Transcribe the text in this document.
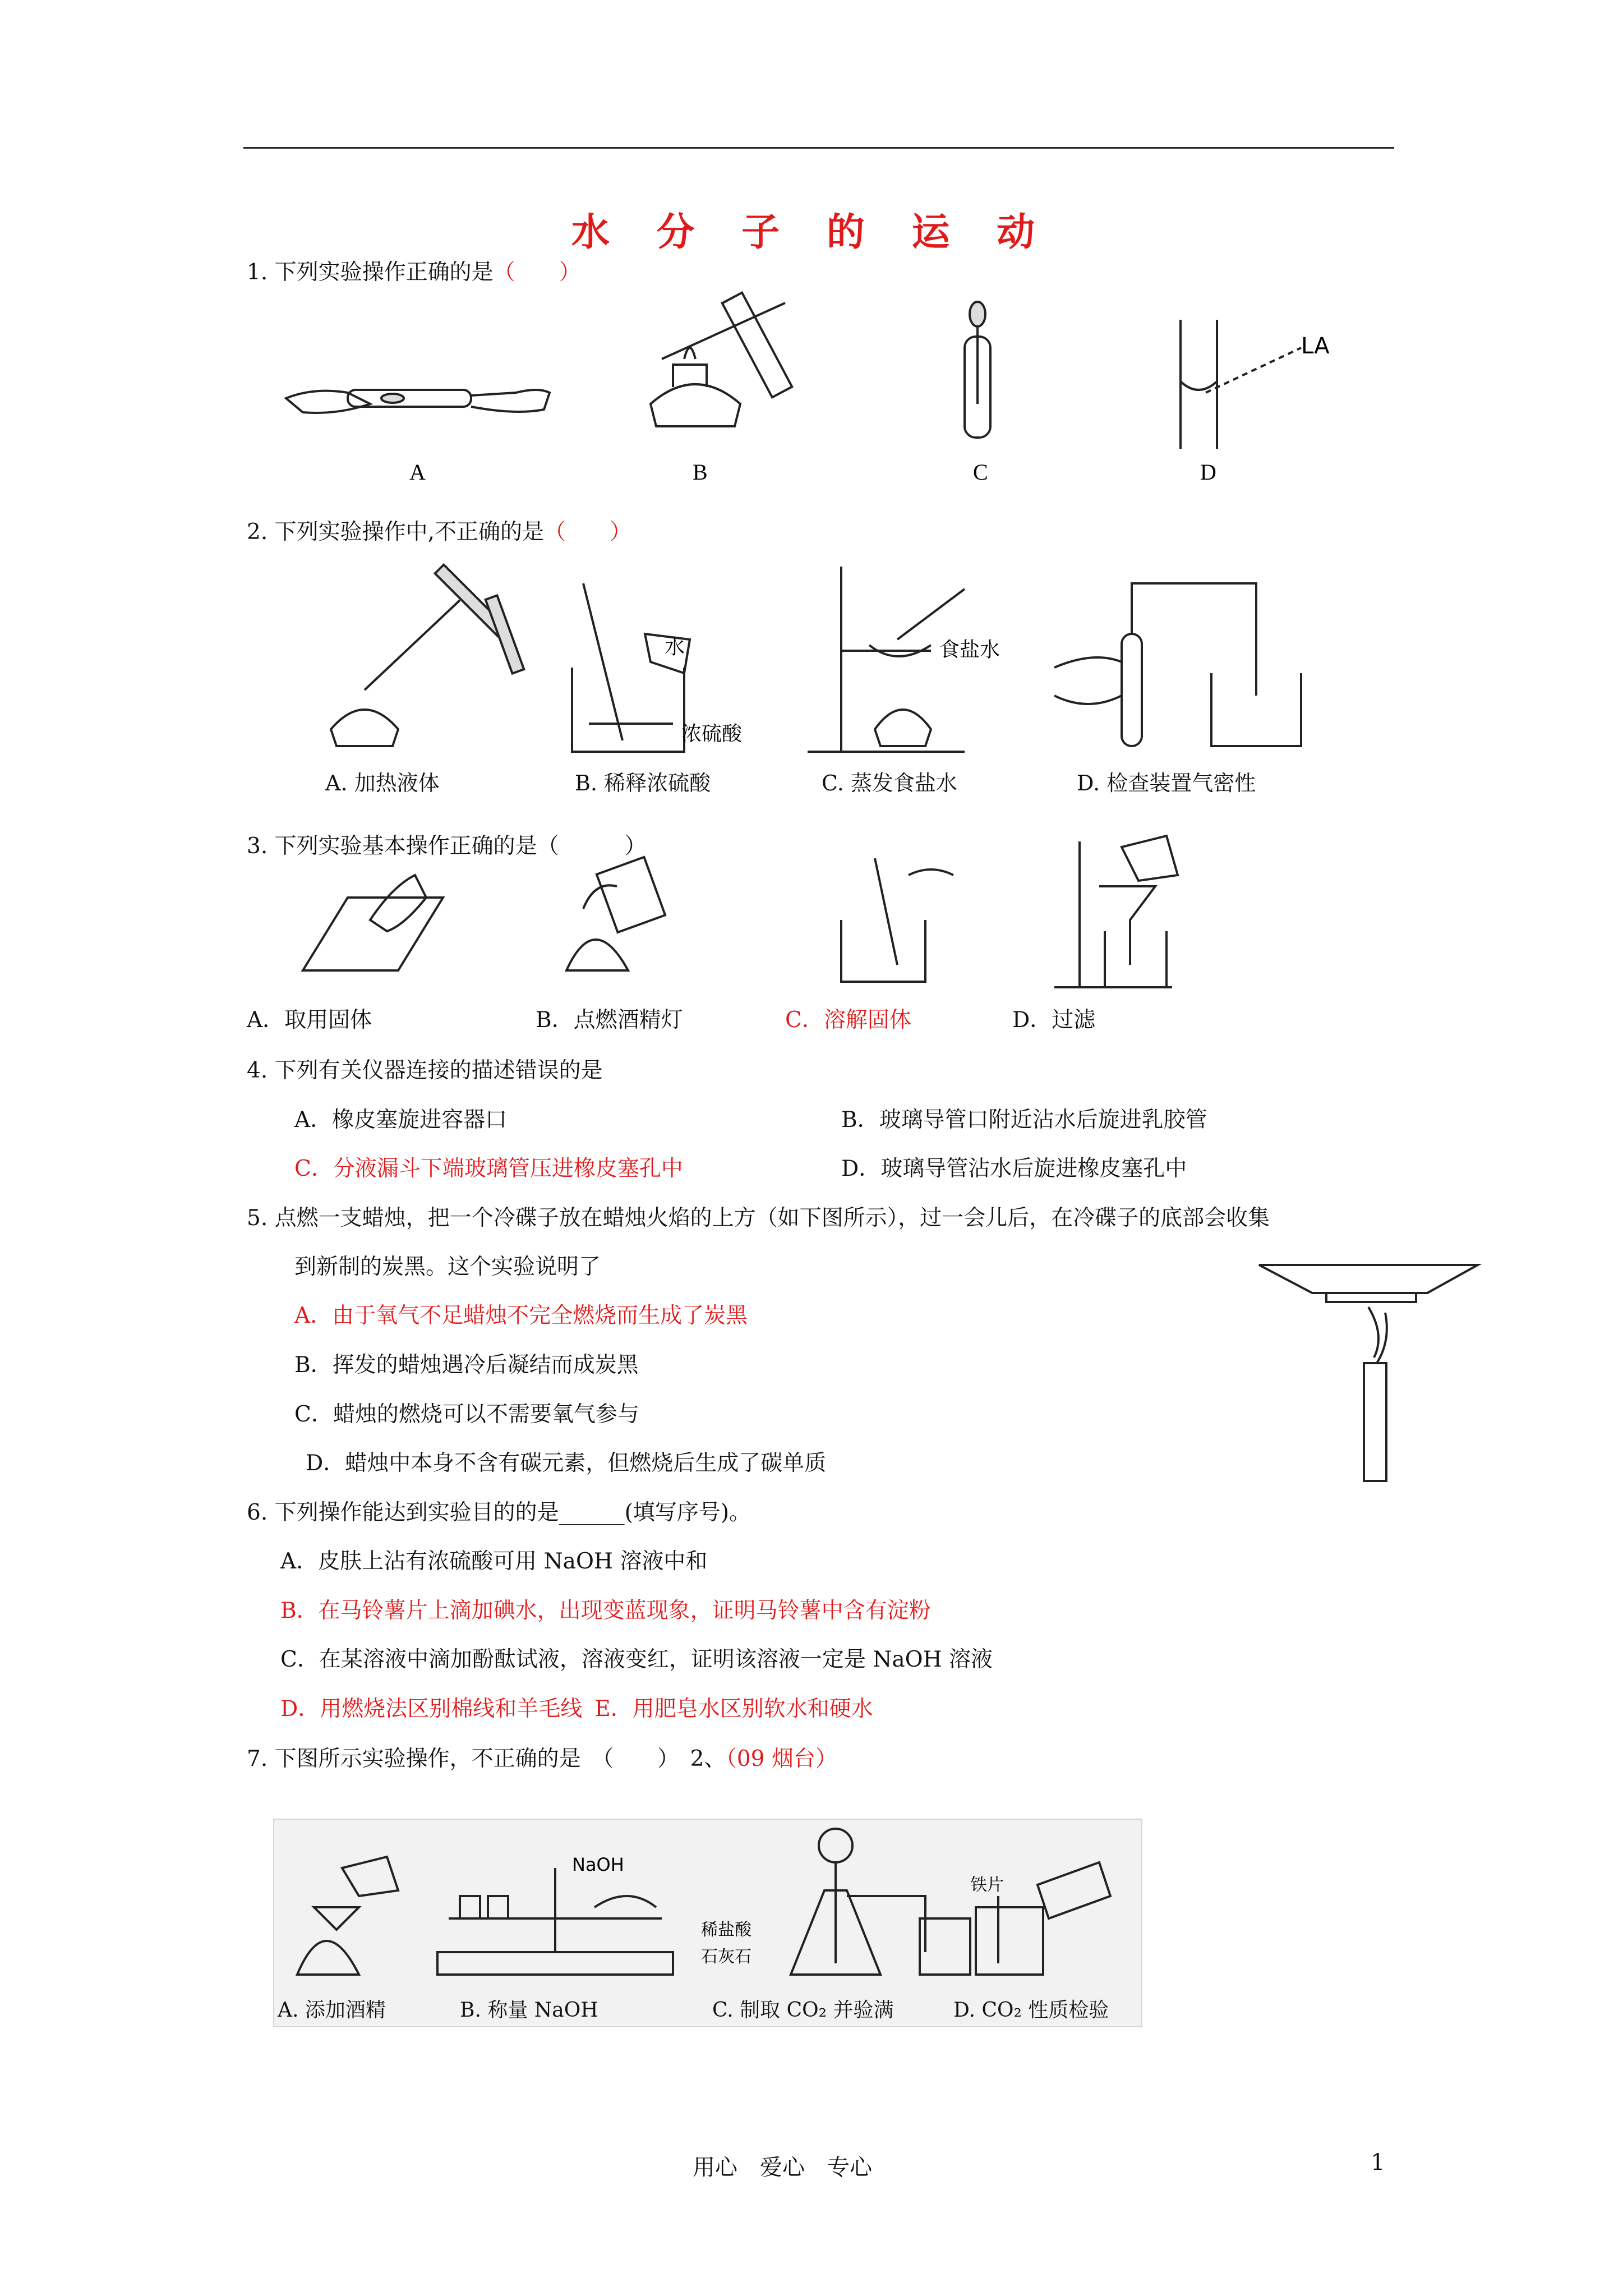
水 分 子 的 运 动
1. 下列实验操作正确的是（　　）
LA
A	B	C	D
2. 下列实验操作中,不正确的是（　　）
水
浓硫酸
食盐水
A. 加热液体	B. 稀释浓硫酸	C. 蒸发食盐水	D. 检查装置气密性
3. 下列实验基本操作正确的是（　　　）
A．取用固体	B．点燃酒精灯	C．溶解固体	D．过滤
4. 下列有关仪器连接的描述错误的是
A．橡皮塞旋进容器口	B．玻璃导管口附近沾水后旋进乳胶管
C．分液漏斗下端玻璃管压进橡皮塞孔中	D．玻璃导管沾水后旋进橡皮塞孔中
5. 点燃一支蜡烛，把一个冷碟子放在蜡烛火焰的上方（如下图所示），过一会儿后，在冷碟子的底部会收集
到新制的炭黑。这个实验说明了
A．由于氧气不足蜡烛不完全燃烧而生成了炭黑
B．挥发的蜡烛遇冷后凝结而成炭黑
C．蜡烛的燃烧可以不需要氧气参与
D．蜡烛中本身不含有碳元素，但燃烧后生成了碳单质
6. 下列操作能达到实验目的的是______(填写序号)。
A．皮肤上沾有浓硫酸可用 NaOH 溶液中和
B．在马铃薯片上滴加碘水，出现变蓝现象，证明马铃薯中含有淀粉
C．在某溶液中滴加酚酞试液，溶液变红，证明该溶液一定是 NaOH 溶液
D．用燃烧法区别棉线和羊毛线 E．用肥皂水区别软水和硬水
7. 下图所示实验操作，不正确的是　（　　）　2、（09 烟台）
NaOH
稀盐酸
石灰石
铁片
A. 添加酒精	B. 称量 NaOH	C. 制取 CO₂ 并验满	D. CO₂ 性质检验
用心　爱心　专心	1
